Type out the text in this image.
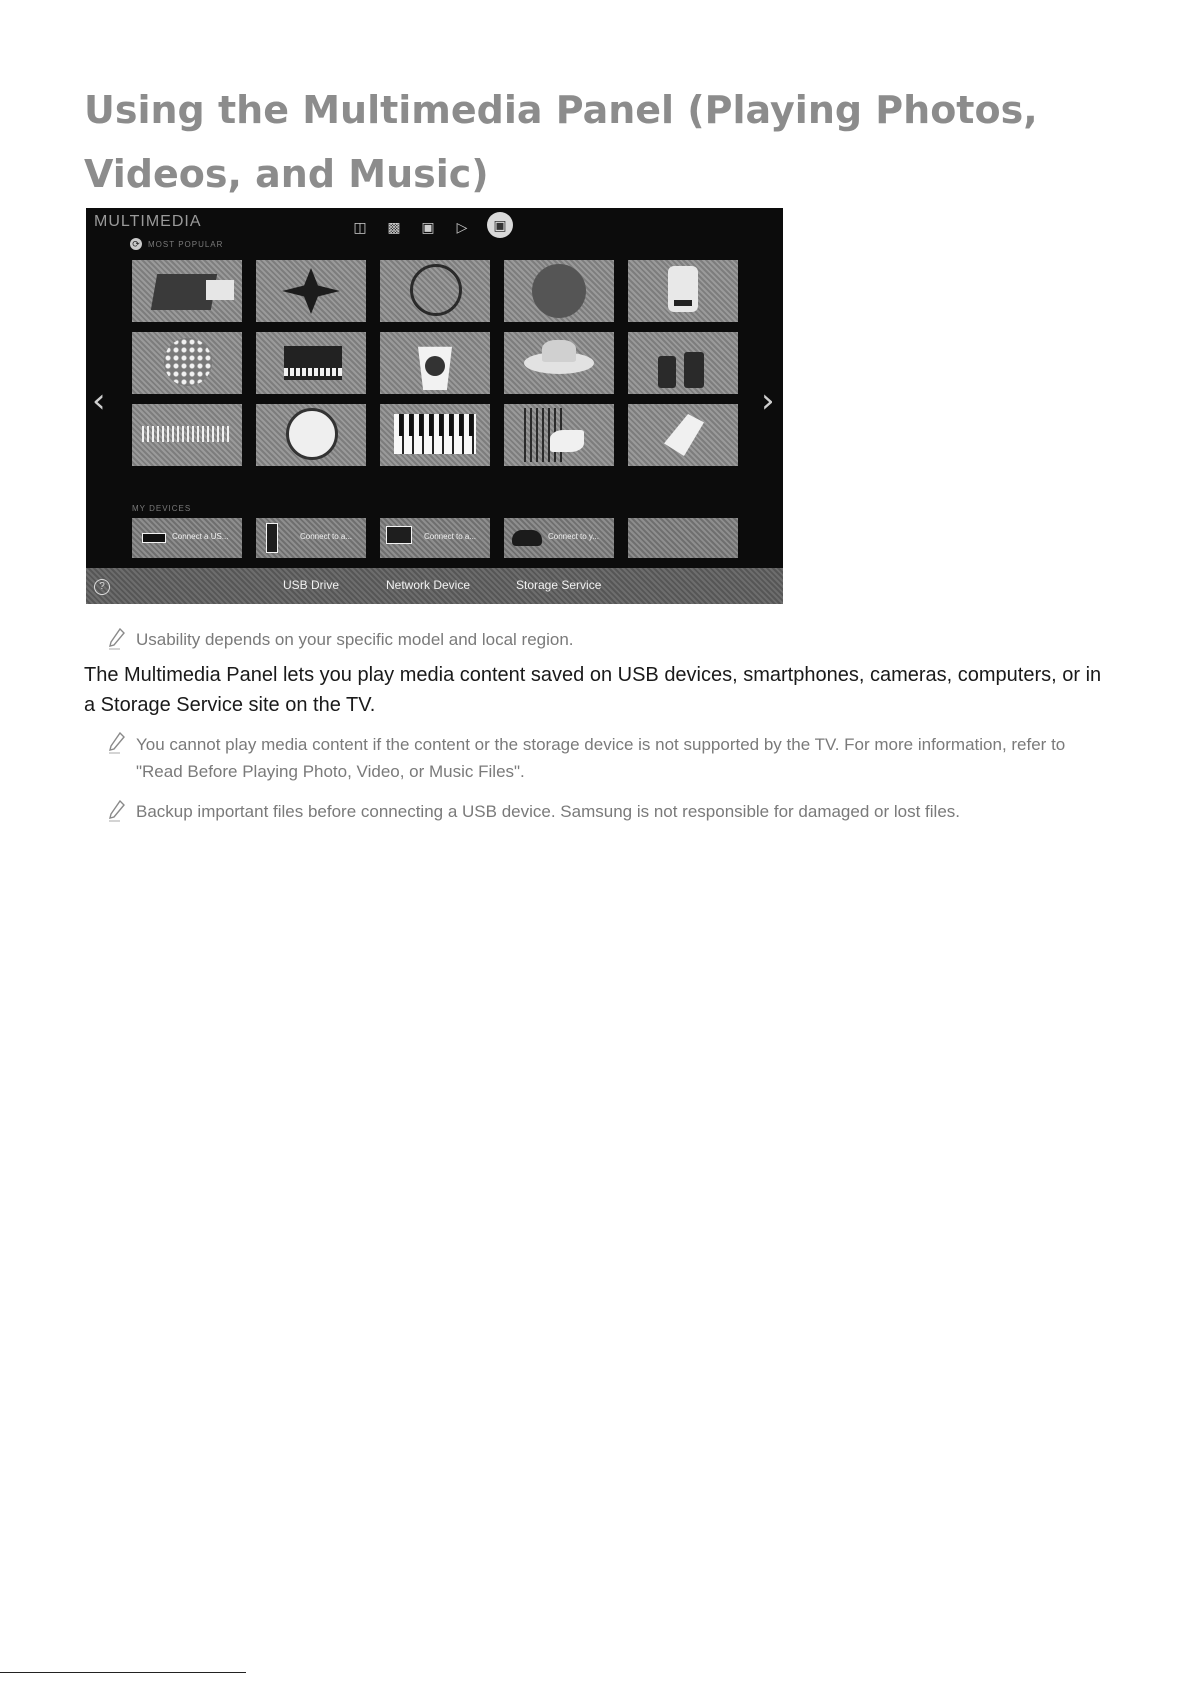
Using the Multimedia Panel (Playing Photos, Videos, and Music)
MULTIMEDIA	◫ ▩ ▣ ▷	▣
⟳ MOST POPULAR
‹	›
MY DEVICES
Connect a US...	Connect to a...	Connect to a...	Connect to y...
?	USB Drive	Network Device	Storage Service
Usability depends on your specific model and local region.
The Multimedia Panel lets you play media content saved on USB devices, smartphones, cameras, computers, or in a Storage Service site on the TV.
You cannot play media content if the content or the storage device is not supported by the TV. For more information, refer to "Read Before Playing Photo, Video, or Music Files".
Backup important files before connecting a USB device. Samsung is not responsible for damaged or lost files.
